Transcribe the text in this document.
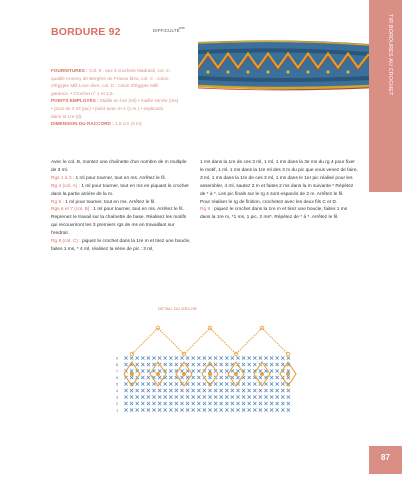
TIR BORDURES AU CROCHET
BORDURE 92	DIFFICULTÉ ***
FOURNITURES : Col. 8 : aux 6 crochets Madrask, col. 8 :
qualité Annecy de Bergère de France bleu, col. C : coton
d'Égypte Mill Love dore, col. D : coton d'Égypte Mill!
garance. • Crochet n° 1 et 2,5.
POINTS EMPLOYÉS : Maille en l'air (ml) • maille serrée (ms)
• picot de 3 ml (pic) • point avec m-1 (c.m.) • explicado
dans la 1re (d).
DIMENSION DU RACCORD : 1,5 cm (3 m).

Avec le col. B, montez une chaînette d'un nombre de m multiple de 3 ml.

Rgs 1 à 3 : 1 ml pour tourner, tout en ms. Arrêtez le fil.

Rg 4 (col. A) : 1 ml pour tourner, tout en ms en piquant le crochet dans la partie arrière de la m.

Rg 5 : 1 ml pour tourner, tout en ms. Arrêtez le fil.

Rgs 6 et 7 (col. B) : 1 ml pour tourner, tout en ms. Arrêtez le fil.

Reprenez le travail sur la chaînette de base. Réalisez les motifs qui recouvriront les 3 premiers rgs de ms en travaillant sur l'endroit.

Rg 8 (col. C) : piquez le crochet dans la 1re m et tirez une boucle, faites 1 ms, * 4 ml, réalisez la série de pic : 3 ml,

1 ms dans la 1re de ces 3 ml, 1 ml, 1 ms dans la 3e ms du rg 4 pour fixer le motif, 1 ml, 1 ms dans la 1re ml des 3 m du pic que vous venez de faire, 3 ml, 1 ms dans la 1re de ces 3 ml, 1 ms dans le 1er pic réalisé pour les assembler, 4 ml, sautez 2 m et faites 2 ms dans la m suivante.* Répétez de * à *. Les pic finals sur le rg 4 sont espacés de 2 m. Arrêtez le fil.

Pour réaliser le rg de finition, crochetez avec les deux fils C et D.

Rg 9 : piquez le crochet dans la 1re m et tirez une boucle, faites 1 ms dans la 1re m, *1 ms, 1 pic, 2 ms*. Répétez de * à *. Arrêtez le fil.

DÉTAIL DU DÉCOR
9
8
7
6
5
4
3
2
1
87
